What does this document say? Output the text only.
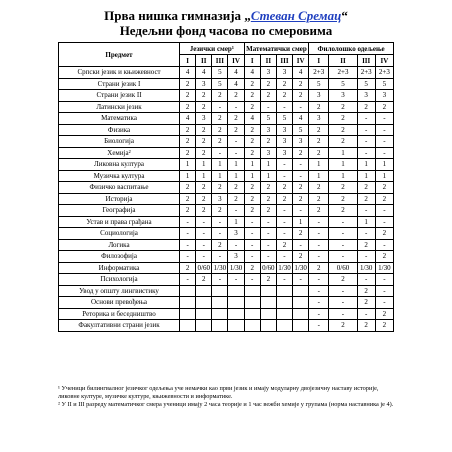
Прва нишка гимназија „Стеван Сремац“
Недељни фонд часова по смеровима
Предмет	Језички смер¹				Математички смер				Филолошко одељење			
	I	II	III	IV	I	II	III	IV	I	II	III	IV
Српски језик и књижевност	4	4	5	4	4	3	3	4	2+3	2+3	2+3	2+3
Страни језик I	2	3	5	4	2	2	2	2	5	5	5	5
Страни језик II	2	2	2	2	2	2	2	2	3	3	3	3
Латински језик	2	2	-	-	2	-	-	-	2	2	2	2
Математика	4	3	2	2	4	5	5	4	3	2	-	-
Физика	2	2	2	2	2	3	3	5	2	2	-	-
Биологија	2	2	2	-	2	2	3	3	2	2	-	-
Хемија²	2	2	-	-	2	3	3	2	2	1	-	-
Ликовна култура	1	1	1	1	1	1	-	-	1	1	1	1
Музичка култура	1	1	1	1	1	1	-	-	1	1	1	1
Физичко васпитање	2	2	2	2	2	2	2	2	2	2	2	2
Историја	2	2	3	2	2	2	2	2	2	2	2	2
Географија	2	2	2	-	2	2	-	-	2	2	-	-
Устав и права грађана	-	-	-	1	-	-	-	1	-	-	1	-
Социологија	-	-	-	3	-	-	-	2	-	-	-	2
Логика	-	-	2	-	-	-	2	-	-	-	2	-
Филозофија	-	-	-	3	-	-	-	2	-	-	-	2
Информатика	2	0/60	1/30	1/30	2	0/60	1/30	1/30	2	0/60	1/30	1/30
Психологија	-	2	-	-	-	2	-	-	-	2	-	-
Увод у општу лингвистику									-	-	2	-
Основи превођења									-	-	2	-
Реторика и беседништво									-	-	-	2
Факултативни страни језик									-	2	2	2

¹ Ученици билингвалног језичког одељења уче немачки као први језик и имају модуларну двојезичну наставу историје, ликовне културе, музичке културе, књижевности и информатике.

² У II и III разреду математичког смера ученици имају 2 часа теорије и 1 час вежби хемије у групама (норма наставника је 4).
